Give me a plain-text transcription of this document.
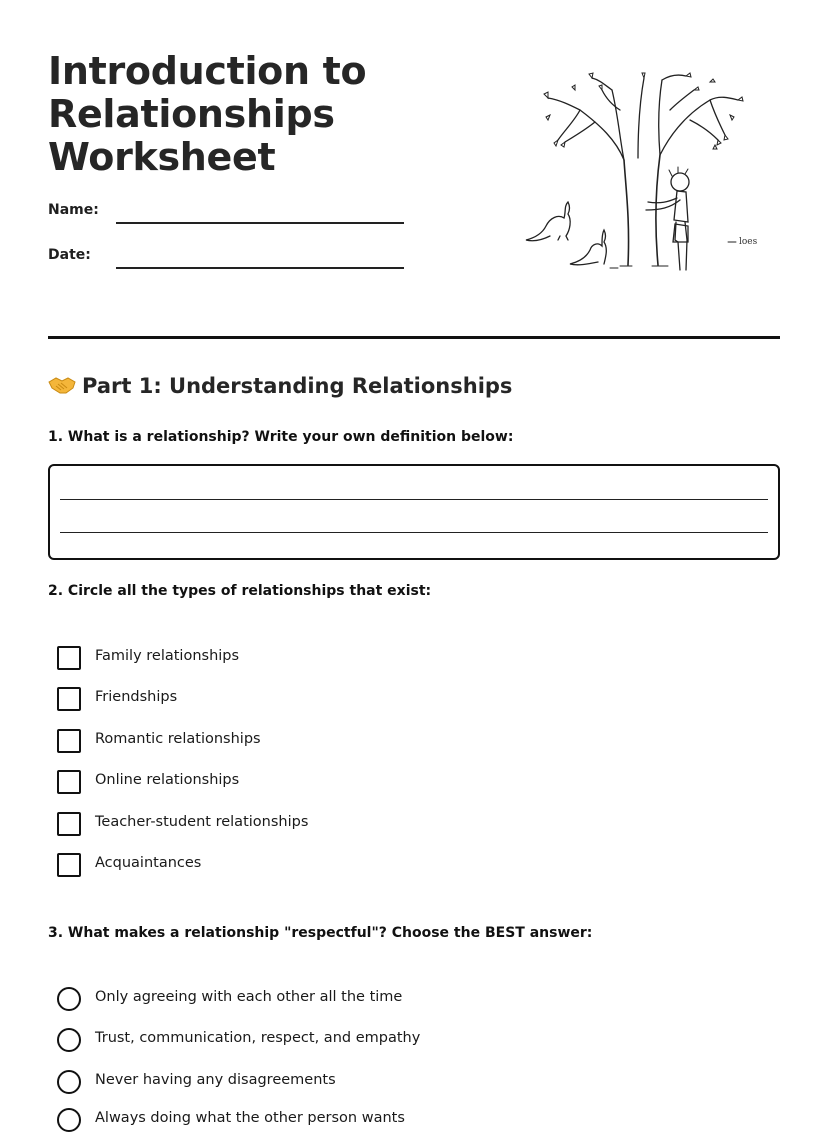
Introduction to Relationships Worksheet
Name:
Date:
loes
Part 1: Understanding Relationships
1. What is a relationship? Write your own definition below:
2. Circle all the types of relationships that exist:
Family relationships
Friendships
Romantic relationships
Online relationships
Teacher-student relationships
Acquaintances
3. What makes a relationship "respectful"? Choose the BEST answer:
Only agreeing with each other all the time
Trust, communication, respect, and empathy
Never having any disagreements
Always doing what the other person wants
